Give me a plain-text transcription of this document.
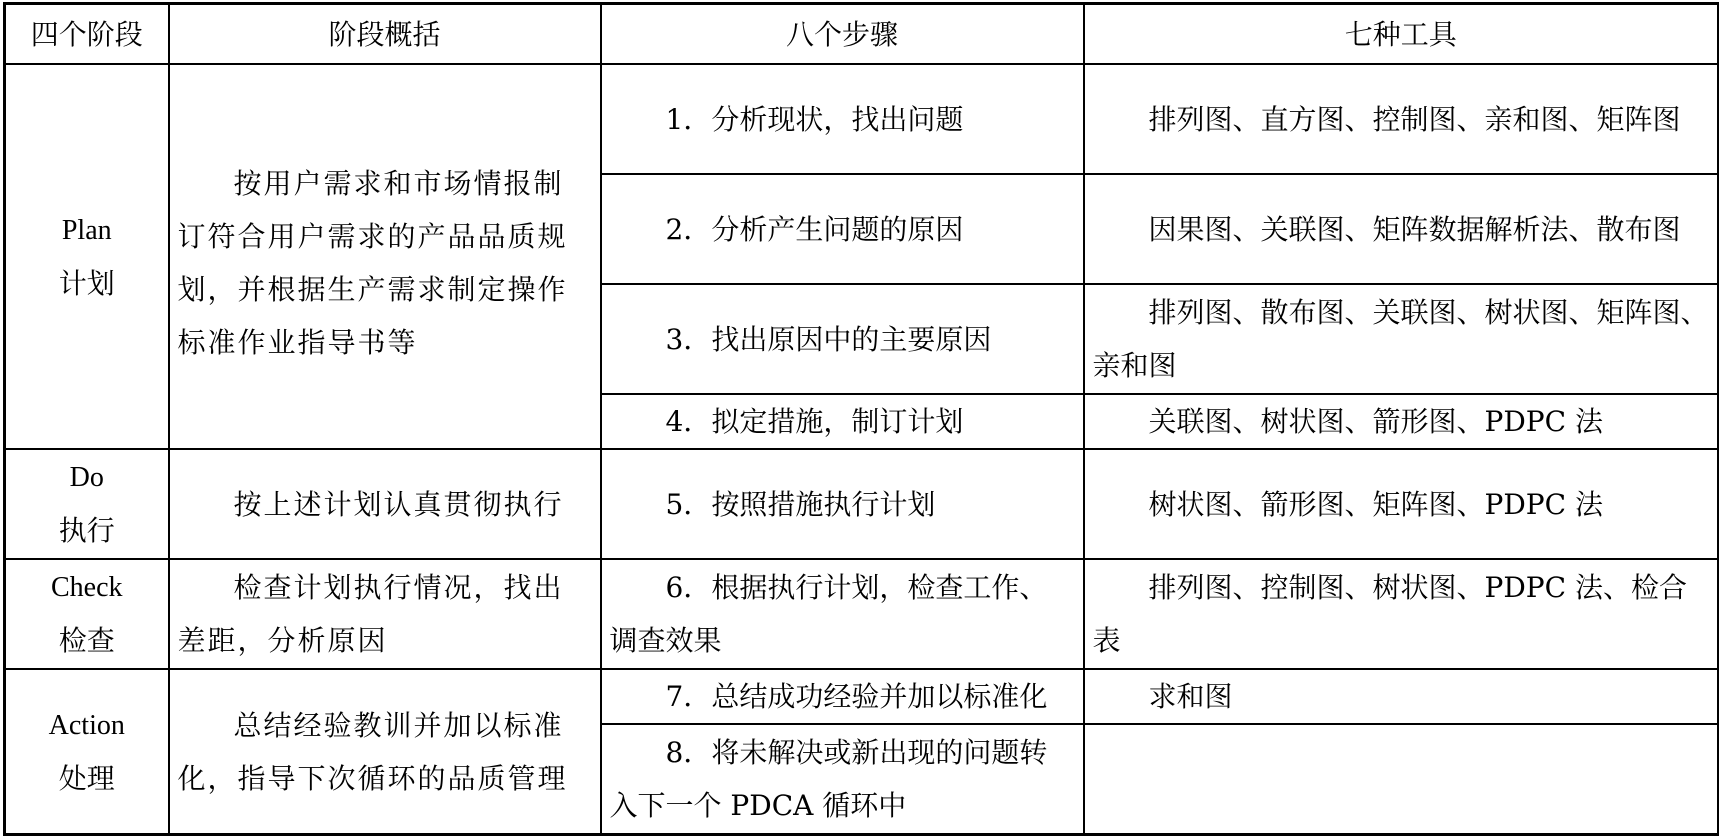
四个阶段	阶段概括	八个步骤	七种工具

Plan
计划	按用户需求和市场情报制订符合用户需求的产品品质规划，并根据生产需求制定操作标准作业指导书等	1．分析现状，找出问题	排列图、直方图、控制图、亲和图、矩阵图
		2．分析产生问题的原因	因果图、关联图、矩阵数据解析法、散布图
		3．找出原因中的主要原因	排列图、散布图、关联图、树状图、矩阵图、亲和图
		4．拟定措施，制订计划	关联图、树状图、箭形图、PDPC 法

Do
执行	按上述计划认真贯彻执行	5．按照措施执行计划	树状图、箭形图、矩阵图、PDPC 法

Check
检查	检查计划执行情况，找出差距，分析原因	6．根据执行计划，检查工作、调查效果	排列图、控制图、树状图、PDPC 法、检合表

Action
处理	总结经验教训并加以标准化，指导下次循环的品质管理	7．总结成功经验并加以标准化	求和图
		8．将未解决或新出现的问题转入下一个 PDCA 循环中	
